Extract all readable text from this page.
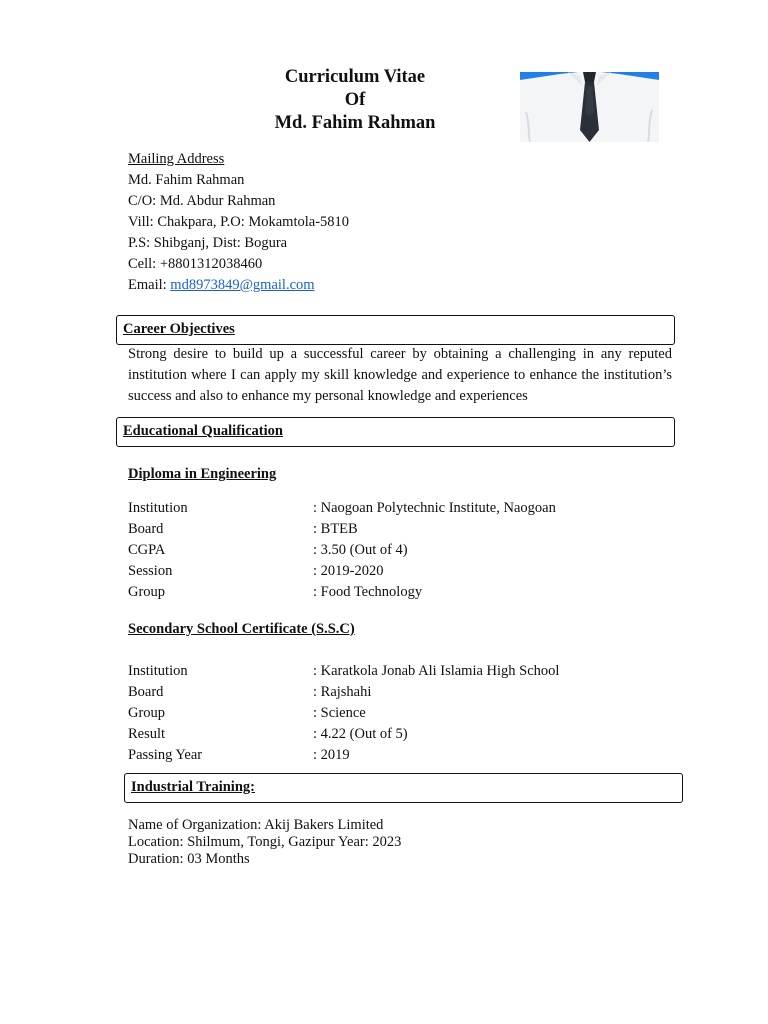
Curriculum Vitae
Of
Md. Fahim Rahman
Mailing Address
Md. Fahim Rahman
C/O: Md. Abdur Rahman
Vill: Chakpara, P.O: Mokamtola-5810
P.S: Shibganj, Dist: Bogura
Cell: +8801312038460
Email: md8973849@gmail.com
Career Objectives
Strong desire to build up a successful career by obtaining a challenging in any reputed institution where I can apply my skill knowledge and experience to enhance the institution’s success and also to enhance my personal knowledge and experiences
Educational Qualification
Diploma in Engineering
Institution	: Naogoan Polytechnic Institute, Naogoan
Board	: BTEB
CGPA	: 3.50 (Out of 4)
Session	: 2019-2020
Group	: Food Technology
Secondary School Certificate (S.S.C)
Institution	: Karatkola Jonab Ali Islamia High School
Board	: Rajshahi
Group	: Science
Result	: 4.22 (Out of 5)
Passing Year	: 2019
Industrial Training:
Name of Organization: Akij Bakers Limited
Location: Shilmum, Tongi, Gazipur Year: 2023
Duration: 03 Months
